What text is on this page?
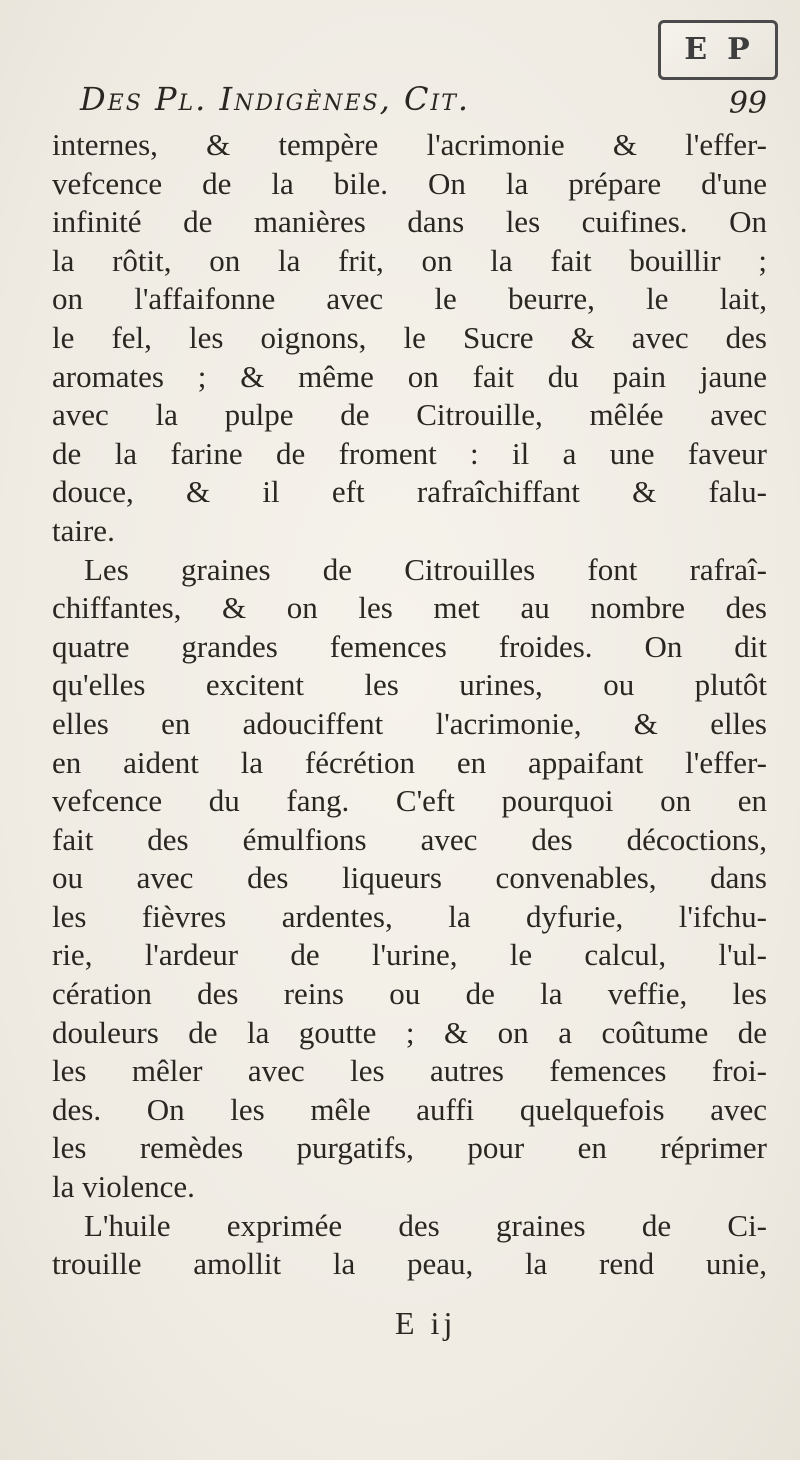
E P
Des Pl. Indigènes, Cit.	99
internes, & tempère l'acrimonie & l'effer-
vefcence de la bile. On la prépare d'une
infinité de manières dans les cuifines. On
la rôtit, on la frit, on la fait bouillir ;
on l'affaifonne avec le beurre, le lait,
le fel, les oignons, le Sucre & avec des
aromates ; & même on fait du pain jaune
avec la pulpe de Citrouille, mêlée avec
de la farine de froment : il a une faveur
douce, & il eft rafraîchiffant & falu-
taire.
Les graines de Citrouilles font rafraî-
chiffantes, & on les met au nombre des
quatre grandes femences froides. On dit
qu'elles excitent les urines, ou plutôt
elles en adouciffent l'acrimonie, & elles
en aident la fécrétion en appaifant l'effer-
vefcence du fang. C'eft pourquoi on en
fait des émulfions avec des décoctions,
ou avec des liqueurs convenables, dans
les fièvres ardentes, la dyfurie, l'ifchu-
rie, l'ardeur de l'urine, le calcul, l'ul-
cération des reins ou de la veffie, les
douleurs de la goutte ; & on a coûtume de
les mêler avec les autres femences froi-
des. On les mêle auffi quelquefois avec
les remèdes purgatifs, pour en réprimer
la violence.
L'huile exprimée des graines de Ci-
trouille amollit la peau, la rend unie,
E ij
